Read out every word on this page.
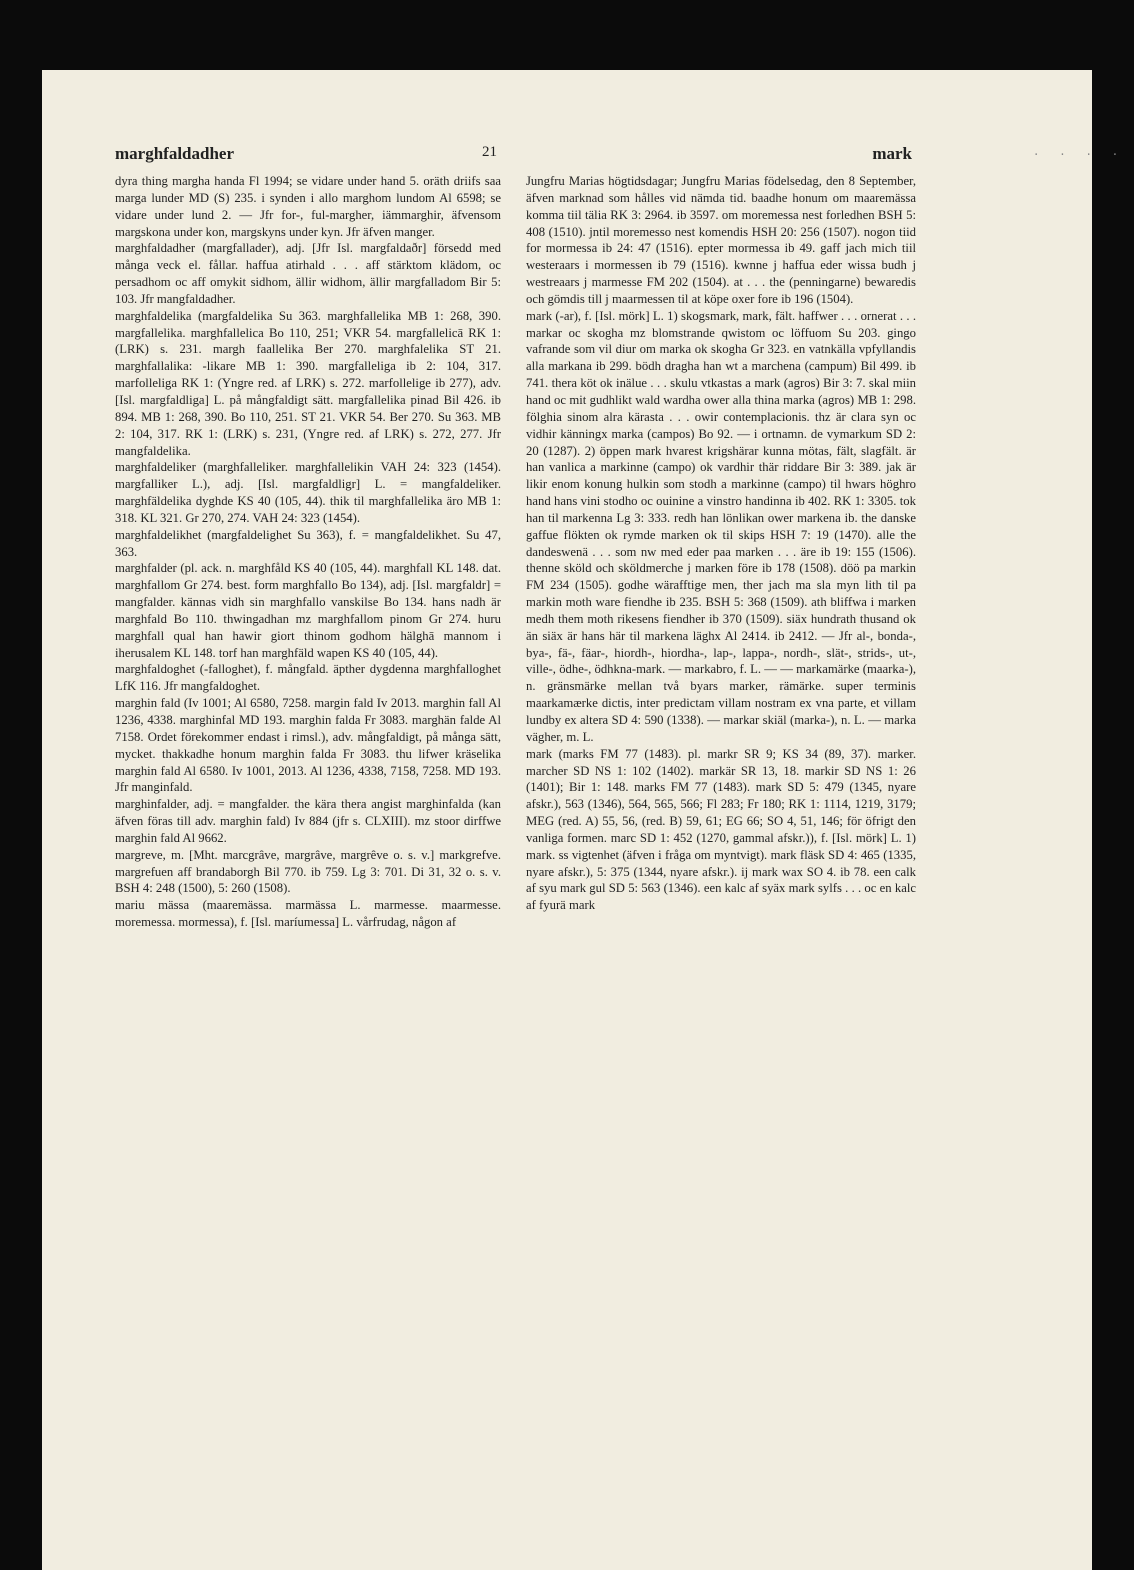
marghfaldadher	21	mark

dyra thing margha handa Fl 1994; se vidare under hand 5. oräth driifs saa marga lunder MD (S) 235. i synden i allo marghom lundom Al 6598; se vidare under lund 2. — Jfr for-, ful-margher, iämmarghir, äfvensom margskona under kon, margskyns under kyn. Jfr äfven manger.

marghfaldadher (margfallader), adj. [Jfr Isl. margfaldaðr] försedd med många veck el. fållar. haffua atirhald . . . aff stärktom klädom, oc persadhom oc aff omykit sidhom, ällir widhom, ällir margfalladom Bir 5: 103. Jfr mangfaldadher.

marghfaldelika (margfaldelika Su 363. marghfallelika MB 1: 268, 390. margfallelika. marghfallelica Bo 110, 251; VKR 54. margfallelicā RK 1: (LRK) s. 231. margh faallelika Ber 270. marghfalelika ST 21. marghfallalika: -likare MB 1: 390. margfalleliga ib 2: 104, 317. marfolleliga RK 1: (Yngre red. af LRK) s. 272. marfollelige ib 277), adv. [Isl. margfaldliga] L. på mångfaldigt sätt. margfallelika pinad Bil 426. ib 894. MB 1: 268, 390. Bo 110, 251. ST 21. VKR 54. Ber 270. Su 363. MB 2: 104, 317. RK 1: (LRK) s. 231, (Yngre red. af LRK) s. 272, 277. Jfr mangfaldelika.

marghfaldeliker (marghfalleliker. marghfallelikin VAH 24: 323 (1454). margfalliker L.), adj. [Isl. margfaldligr] L. = mangfaldeliker. marghfäldelika dyghde KS 40 (105, 44). thik til marghfallelika äro MB 1: 318. KL 321. Gr 270, 274. VAH 24: 323 (1454).

marghfaldelikhet (margfaldelighet Su 363), f. = mangfaldelikhet. Su 47, 363.

marghfalder (pl. ack. n. marghfåld KS 40 (105, 44). marghfall KL 148. dat. marghfallom Gr 274. best. form marghfallo Bo 134), adj. [Isl. margfaldr] = mangfalder. kännas vidh sin marghfallo vanskilse Bo 134. hans nadh är marghfald Bo 110. thwingadhan mz marghfallom pinom Gr 274. huru marghfall qual han hawir giort thinom godhom hälghā mannom i iherusalem KL 148. torf han marghfäld wapen KS 40 (105, 44).

marghfaldoghet (-falloghet), f. mångfald. äpther dygdenna marghfalloghet LfK 116. Jfr mangfaldoghet.

marghin fald (Iv 1001; Al 6580, 7258. margin fald Iv 2013. marghin fall Al 1236, 4338. marghinfal MD 193. marghin falda Fr 3083. marghän falde Al 7158. Ordet förekommer endast i rimsl.), adv. mångfaldigt, på många sätt, mycket. thakkadhe honum marghin falda Fr 3083. thu lifwer kräselika marghin fald Al 6580. Iv 1001, 2013. Al 1236, 4338, 7158, 7258. MD 193. Jfr manginfald.

marghinfalder, adj. = mangfalder. the kära thera angist marghinfalda (kan äfven föras till adv. marghin fald) Iv 884 (jfr s. CLXIII). mz stoor dirffwe marghin fald Al 9662.

margreve, m. [Mht. marcgrâve, margrâve, margrêve o. s. v.] markgrefve. margrefuen aff brandaborgh Bil 770. ib 759. Lg 3: 701. Di 31, 32 o. s. v. BSH 4: 248 (1500), 5: 260 (1508).

mariu mässa (maaremässa. marmässa L. marmesse. maarmesse. moremessa. mormessa), f. [Isl. maríumessa] L. vårfrudag, någon af

Jungfru Marias högtidsdagar; Jungfru Marias födelsedag, den 8 September, äfven marknad som hålles vid nämda tid. baadhe honum om maaremässa komma tiil tälia RK 3: 2964. ib 3597. om moremessa nest forledhen BSH 5: 408 (1510). jntil moremesso nest komendis HSH 20: 256 (1507). nogon tiid for mormessa ib 24: 47 (1516). epter mormessa ib 49. gaff jach mich tiil westeraars i mormessen ib 79 (1516). kwnne j haffua eder wissa budh j westreaars j marmesse FM 202 (1504). at . . . the (penningarne) bewaredis och gömdis till j maarmessen til at köpe oxer fore ib 196 (1504).

mark (-ar), f. [Isl. mörk] L. 1) skogsmark, mark, fält. haffwer . . . ornerat . . . markar oc skogha mz blomstrande qwistom oc löffuom Su 203. gingo vafrande som vil diur om marka ok skogha Gr 323. en vatnkälla vpfyllandis alla markana ib 299. bödh dragha han wt a marchena (campum) Bil 499. ib 741. thera köt ok inälue . . . skulu vtkastas a mark (agros) Bir 3: 7. skal miin hand oc mit gudhlikt wald wardha ower alla thina marka (agros) MB 1: 298. fölghia sinom alra kärasta . . . owir contemplacionis. thz är clara syn oc vidhir känningx marka (campos) Bo 92. — i ortnamn. de vymarkum SD 2: 20 (1287). 2) öppen mark hvarest krigshärar kunna mötas, fält, slagfält. är han vanlica a markinne (campo) ok vardhir thär riddare Bir 3: 389. jak är likir enom konung hulkin som stodh a markinne (campo) til hwars höghro hand hans vini stodho oc ouinine a vinstro handinna ib 402. RK 1: 3305. tok han til markenna Lg 3: 333. redh han lönlikan ower markena ib. the danske gaffue flökten ok rymde marken ok til skips HSH 7: 19 (1470). alle the dandeswenä . . . som nw med eder paa marken . . . äre ib 19: 155 (1506). thenne sköld och sköldmerche j marken före ib 178 (1508). döö pa markin FM 234 (1505). godhe wärafftige men, ther jach ma sla myn lith til pa markin moth ware fiendhe ib 235. BSH 5: 368 (1509). ath bliffwa i marken medh them moth rikesens fiendher ib 370 (1509). siäx hundrath thusand ok än siäx är hans här til markena läghx Al 2414. ib 2412. — Jfr al-, bonda-, bya-, fä-, fäar-, hiordh-, hiordha-, lap-, lappa-, nordh-, slät-, strids-, ut-, ville-, ödhe-, ödhkna-mark. — markabro, f. L. — — markamärke (maarka-), n. gränsmärke mellan två byars marker, rämärke. super terminis maarkamærke dictis, inter predictam villam nostram ex vna parte, et villam lundby ex altera SD 4: 590 (1338). — markar skiäl (marka-), n. L. — marka vägher, m. L.

mark (marks FM 77 (1483). pl. markr SR 9; KS 34 (89, 37). marker. marcher SD NS 1: 102 (1402). markär SR 13, 18. markir SD NS 1: 26 (1401); Bir 1: 148. marks FM 77 (1483). mark SD 5: 479 (1345, nyare afskr.), 563 (1346), 564, 565, 566; Fl 283; Fr 180; RK 1: 1114, 1219, 3179; MEG (red. A) 55, 56, (red. B) 59, 61; EG 66; SO 4, 51, 146; för öfrigt den vanliga formen. marc SD 1: 452 (1270, gammal afskr.)), f. [Isl. mörk] L. 1) mark. ss vigtenhet (äfven i fråga om myntvigt). mark fläsk SD 4: 465 (1335, nyare afskr.), 5: 375 (1344, nyare afskr.). ij mark wax SO 4. ib 78. een calk af syu mark gul SD 5: 563 (1346). een kalc af syäx mark sylfs . . . oc en kalc af fyurä mark

· · · ·
